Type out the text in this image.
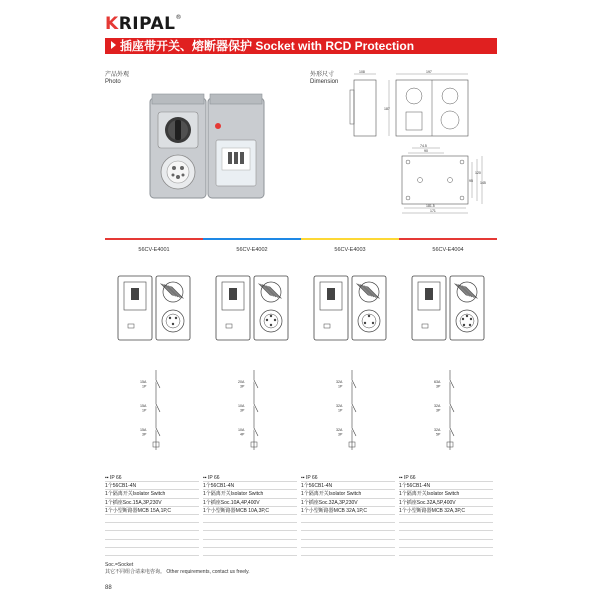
KRIPAL®
插座带开关、熔断器保护 Socket with RCD Protection
产品外观
Photo
外形尺寸
Dimension
108	197
187
74.5
90
95
120
145
181.5
171
56CV-E4001
15A
1P
15A
1P
15A
3P
56CV-E4002
20A
3P
10A
3P
10A
4P
56CV-E4003
32A
1P
32A
1P
32A
3P
56CV-E4004
63A
3P
32A
3P
32A
5P
▪▪ IP 66
1个56CB1-4N
1个隔离开关Isolator Switch
1个插座Soc.15A,3P,230V
1个小型断路器MCB 15A,1P,C
▪▪ IP 66
1个56CB1-4N
1个隔离开关Isolator Switch
1个插座Soc.10A,4P,400V
1个小型断路器MCB 10A,3P,C
▪▪ IP 66
1个56CB1-4N
1个隔离开关Isolator Switch
1个插座Soc.32A,3P,230V
1个小型断路器MCB 32A,1P,C
▪▪ IP 66
1个56CB1-4N
1个隔离开关Isolator Switch
1个插座Soc.32A,5P,400V
1个小型断路器MCB 32A,3P,C
Soc.=Socket
其它不同组合请来电咨询。 Other requirements, contact us freely.
88
